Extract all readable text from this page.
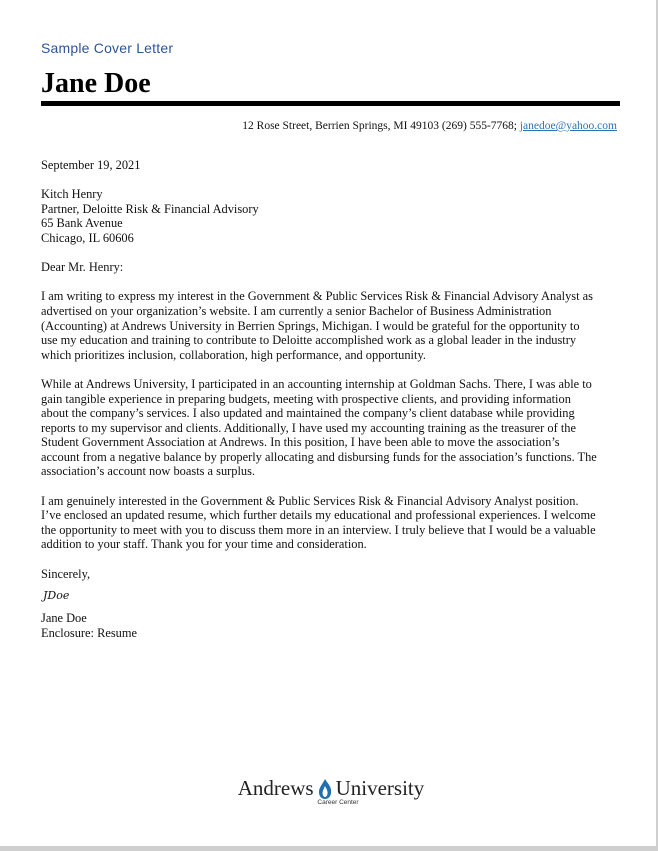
Sample Cover Letter
Jane Doe
12 Rose Street, Berrien Springs, MI 49103 (269) 555-7768; janedoe@yahoo.com

September 19, 2021

Kitch Henry

Partner, Deloitte Risk & Financial Advisory

65 Bank Avenue

Chicago, IL 60606

Dear Mr. Henry:

I am writing to express my interest in the Government & Public Services Risk & Financial Advisory Analyst as

advertised on your organization’s website. I am currently a senior Bachelor of Business Administration

(Accounting) at Andrews University in Berrien Springs, Michigan. I would be grateful for the opportunity to

use my education and training to contribute to Deloitte accomplished work as a global leader in the industry

which prioritizes inclusion, collaboration, high performance, and opportunity.

While at Andrews University, I participated in an accounting internship at Goldman Sachs. There, I was able to

gain tangible experience in preparing budgets, meeting with prospective clients, and providing information

about the company’s services. I also updated and maintained the company’s client database while providing

reports to my supervisor and clients. Additionally, I have used my accounting training as the treasurer of the

Student Government Association at Andrews. In this position, I have been able to move the association’s

account from a negative balance by properly allocating and disbursing funds for the association’s functions. The

association’s account now boasts a surplus.

I am genuinely interested in the Government & Public Services Risk & Financial Advisory Analyst position.

I’ve enclosed an updated resume, which further details my educational and professional experiences. I welcome

the opportunity to meet with you to discuss them more in an interview. I truly believe that I would be a valuable

addition to your staff. Thank you for your time and consideration.

Sincerely,

JDoe

Jane Doe

Enclosure: Resume

Andrews University
Career Center
